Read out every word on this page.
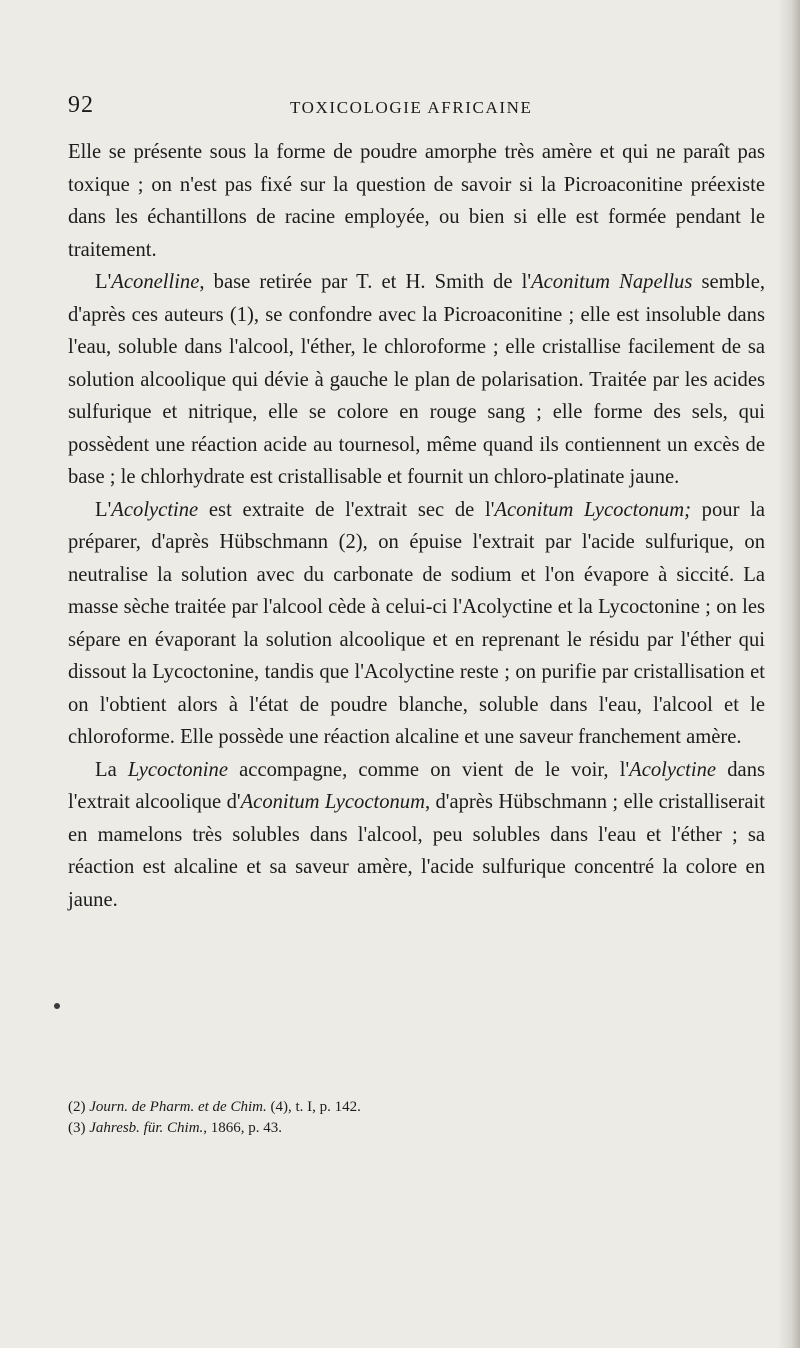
92	TOXICOLOGIE AFRICAINE

Elle se présente sous la forme de poudre amorphe très amère et qui ne paraît pas toxique ; on n'est pas fixé sur la question de savoir si la Picroaconitine préexiste dans les échantillons de racine employée, ou bien si elle est formée pendant le traitement.

L'Aconelline, base retirée par T. et H. Smith de l'Aconitum Napellus semble, d'après ces auteurs (1), se confondre avec la Picroaconitine ; elle est insoluble dans l'eau, soluble dans l'alcool, l'éther, le chloroforme ; elle cristallise facilement de sa solution alcoolique qui dévie à gauche le plan de polarisation. Traitée par les acides sulfurique et nitrique, elle se colore en rouge sang ; elle forme des sels, qui possèdent une réaction acide au tournesol, même quand ils contiennent un excès de base ; le chlorhydrate est cristallisable et fournit un chloro-platinate jaune.

L'Acolyctine est extraite de l'extrait sec de l'Aconitum Lycoctonum; pour la préparer, d'après Hübschmann (2), on épuise l'extrait par l'acide sulfurique, on neutralise la solution avec du carbonate de sodium et l'on évapore à siccité. La masse sèche traitée par l'alcool cède à celui-ci l'Acolyctine et la Lycoctonine ; on les sépare en évaporant la solution alcoolique et en reprenant le résidu par l'éther qui dissout la Lycoctonine, tandis que l'Acolyctine reste ; on purifie par cristallisation et on l'obtient alors à l'état de poudre blanche, soluble dans l'eau, l'alcool et le chloroforme. Elle possède une réaction alcaline et une saveur franchement amère.

La Lycoctonine accompagne, comme on vient de le voir, l'Acolyctine dans l'extrait alcoolique d'Aconitum Lycoctonum, d'après Hübschmann ; elle cristalliserait en mamelons très solubles dans l'alcool, peu solubles dans l'eau et l'éther ; sa réaction est alcaline et sa saveur amère, l'acide sulfurique concentré la colore en jaune.

(2) Journ. de Pharm. et de Chim. (4), t. I, p. 142.

(3) Jahresb. für. Chim., 1866, p. 43.
